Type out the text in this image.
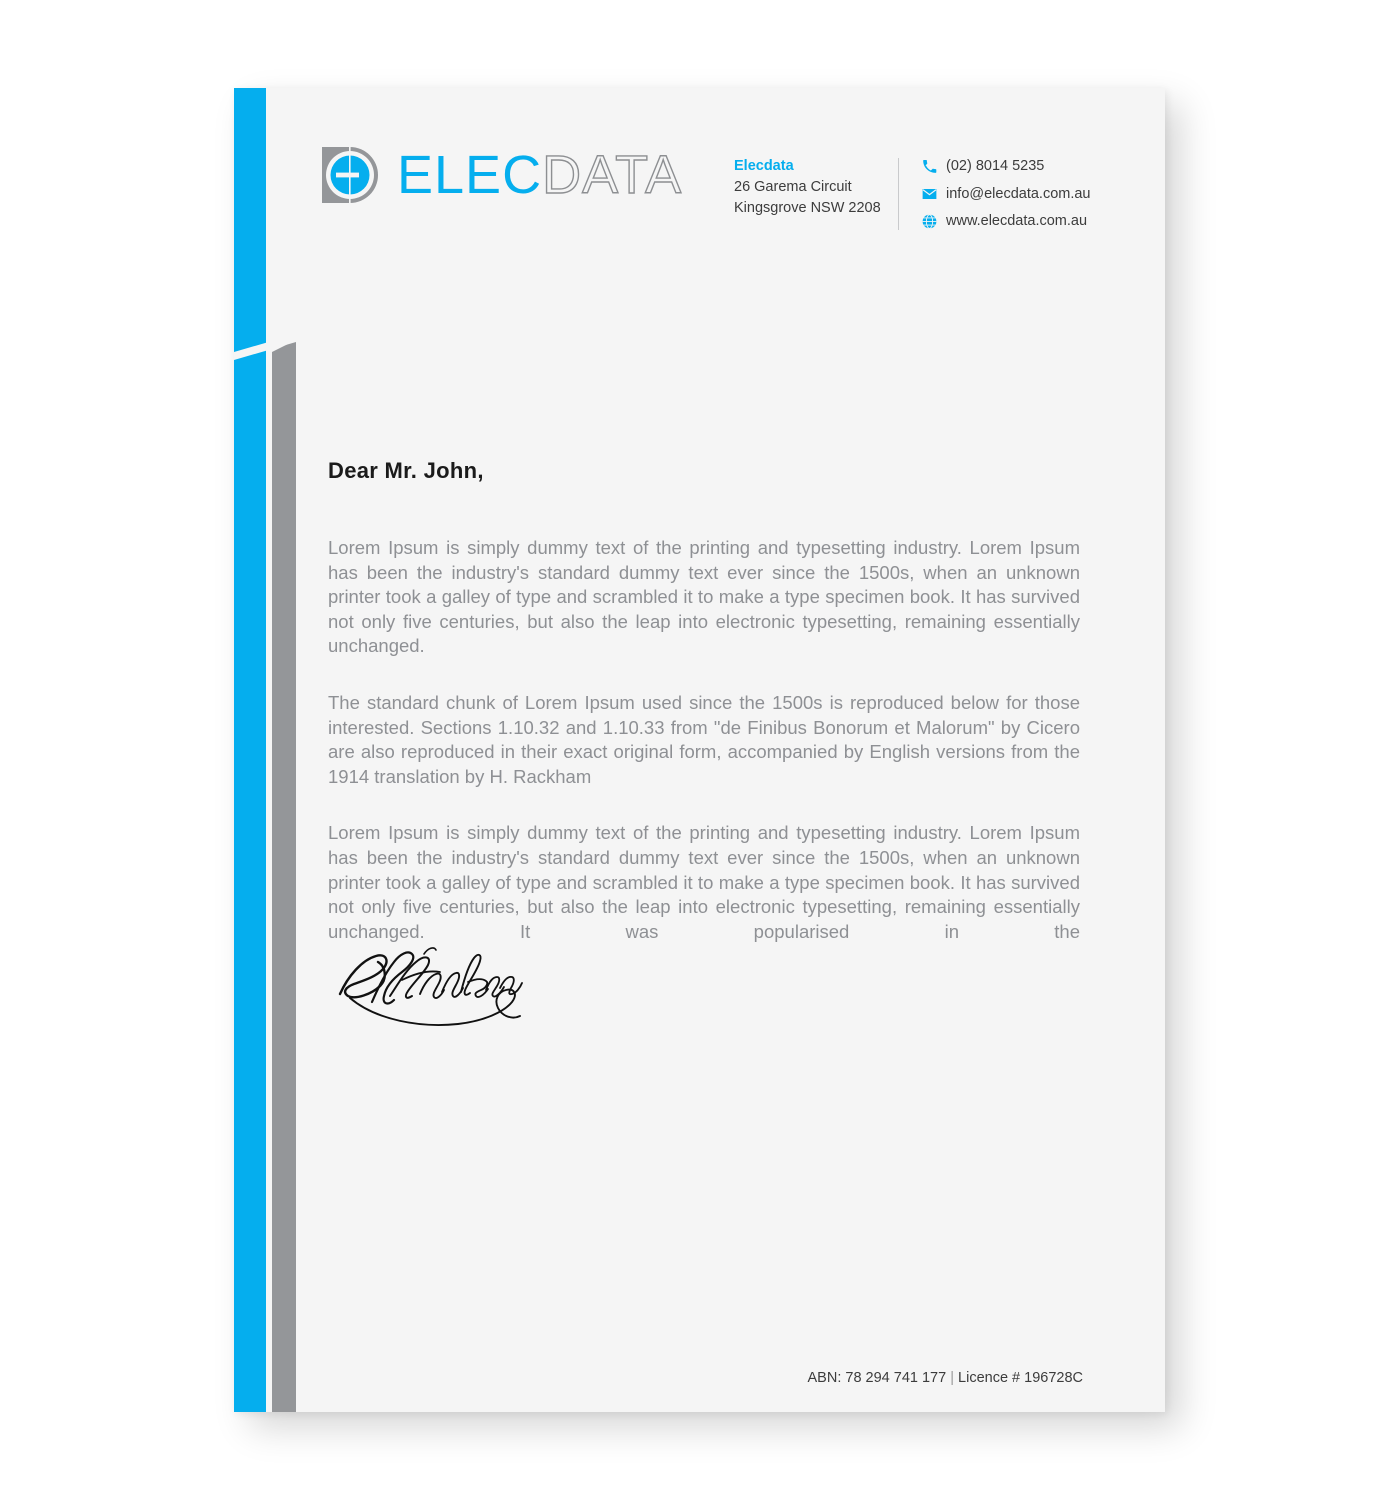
ELEC DATA	Elecdata
26 Garema Circuit
Kingsgrove NSW 2208
(02) 8014 5235
info@elecdata.com.au
www.elecdata.com.au
Dear Mr. John,

Lorem Ipsum is simply dummy text of the printing and typesetting industry. Lorem Ipsum has been the industry's standard dummy text ever since the 1500s, when an unknown printer took a galley of type and scrambled it to make a type specimen book. It has survived not only five centuries, but also the leap into electronic typesetting, remaining essentially unchanged.

The standard chunk of Lorem Ipsum used since the 1500s is reproduced below for those interested. Sections 1.10.32 and 1.10.33 from "de Finibus Bonorum et Malorum" by Cicero are also reproduced in their exact original form, accompanied by English versions from the 1914 translation by H. Rackham

Lorem Ipsum is simply dummy text of the printing and typesetting industry. Lorem Ipsum has been the industry's standard dummy text ever since the 1500s, when an unknown printer took a galley of type and scrambled it to make a type specimen book. It has survived not only five centuries, but also the leap into electronic typesetting, remaining essentially unchanged. It was popularised in the

ABN: 78 294 741 177 | Licence # 196728C
